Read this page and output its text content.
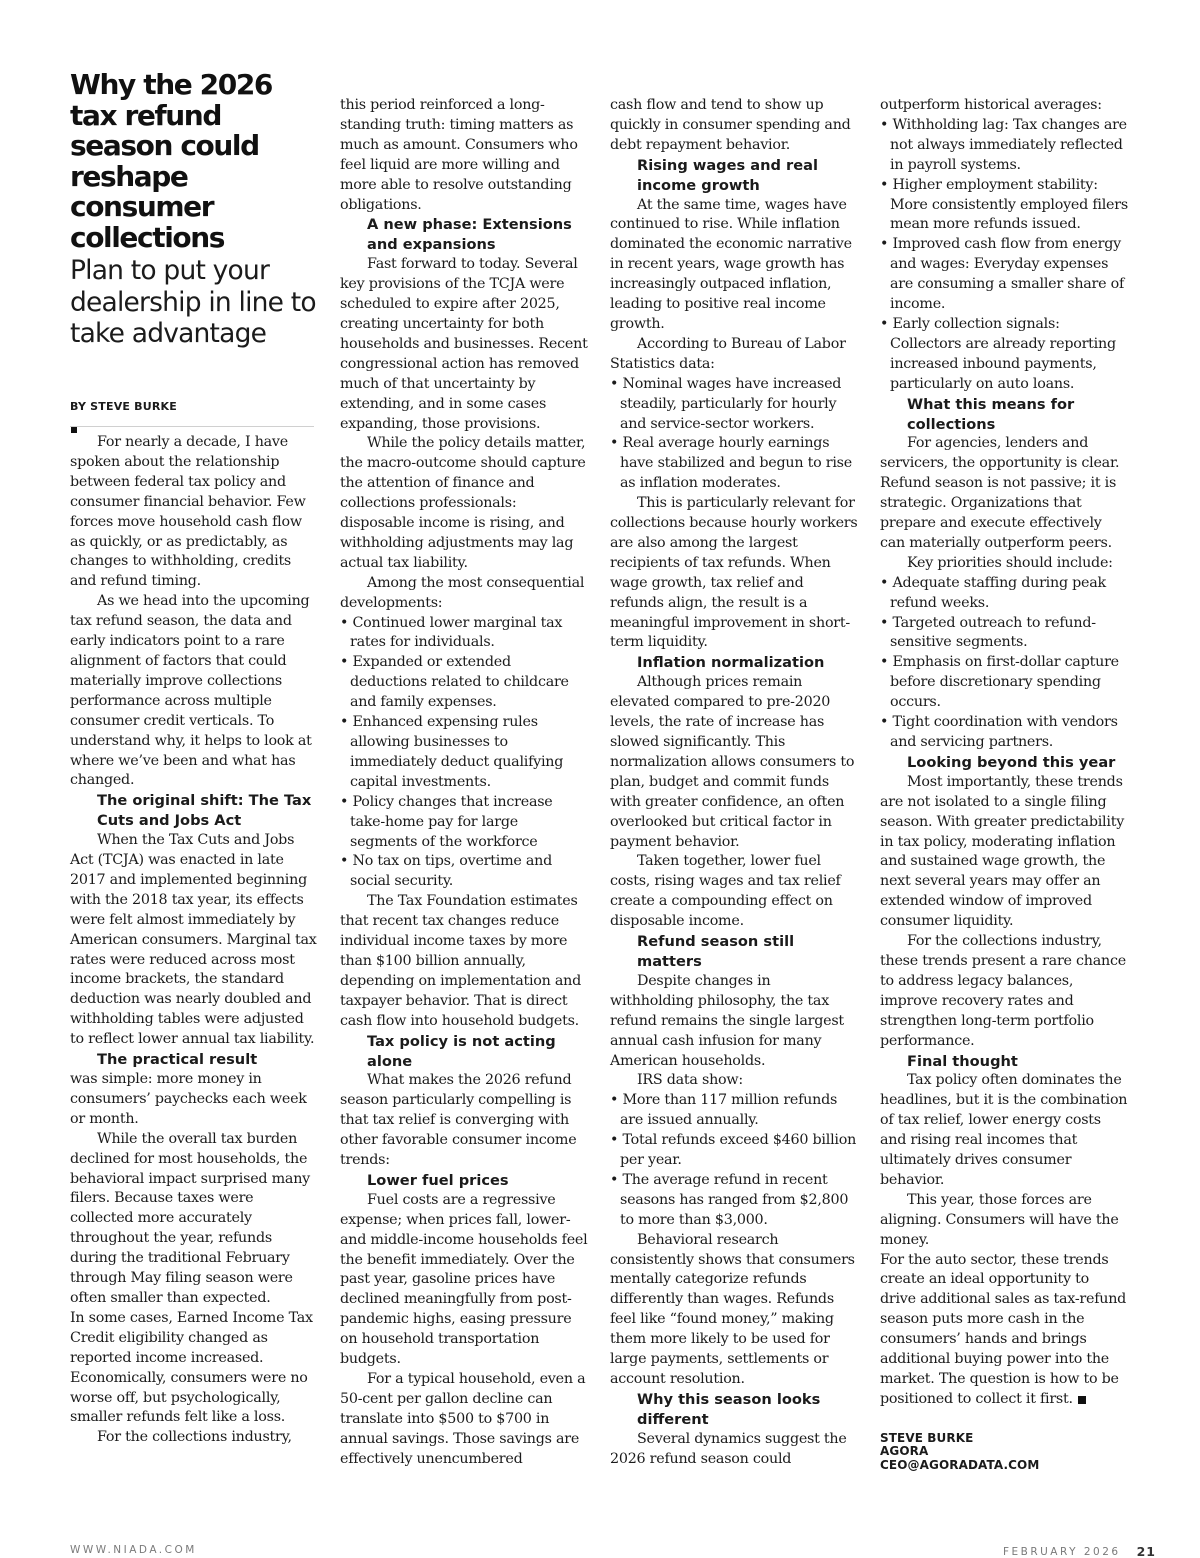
Why the 2026 tax refund season could reshape consumer collections
Plan to put your dealership in line to take advantage
BY STEVE BURKE

For nearly a decade, I have spoken about the relationship between federal tax policy and consumer financial behavior. Few forces move household cash flow as quickly, or as predictably, as changes to withholding, credits and refund timing.

As we head into the upcoming tax refund season, the data and early indicators point to a rare alignment of factors that could materially improve collections performance across multiple consumer credit verticals. To understand why, it helps to look at where we’ve been and what has changed.

The original shift: The Tax Cuts and Jobs Act

When the Tax Cuts and Jobs Act (TCJA) was enacted in late 2017 and implemented beginning with the 2018 tax year, its effects were felt almost immediately by American consumers. Marginal tax rates were reduced across most income brackets, the standard deduction was nearly doubled and withholding tables were adjusted to reflect lower annual tax liability.

The practical result

was simple: more money in consumers’ paychecks each week or month.

While the overall tax burden declined for most households, the behavioral impact surprised many filers. Because taxes were collected more accurately throughout the year, refunds during the traditional February through May filing season were often smaller than expected.

In some cases, Earned Income Tax Credit eligibility changed as reported income increased. Economically, consumers were no worse off, but psychologically, smaller refunds felt like a loss.

For the collections industry,

this period reinforced a long-standing truth: timing matters as much as amount. Consumers who feel liquid are more willing and more able to resolve outstanding obligations.

A new phase: Extensions and expansions

Fast forward to today. Several key provisions of the TCJA were scheduled to expire after 2025, creating uncertainty for both households and businesses. Recent congressional action has removed much of that uncertainty by extending, and in some cases expanding, those provisions.

While the policy details matter, the macro-outcome should capture the attention of finance and collections professionals: disposable income is rising, and withholding adjustments may lag actual tax liability.

Among the most consequential developments:

• Continued lower marginal tax rates for individuals.
• Expanded or extended deductions related to childcare and family expenses.
• Enhanced expensing rules allowing businesses to immediately deduct qualifying capital investments.
• Policy changes that increase take-home pay for large segments of the workforce
• No tax on tips, overtime and social security.

The Tax Foundation estimates that recent tax changes reduce individual income taxes by more than $100 billion annually, depending on implementation and taxpayer behavior. That is direct cash flow into household budgets.

Tax policy is not acting alone

What makes the 2026 refund season particularly compelling is that tax relief is converging with other favorable consumer income trends:

Lower fuel prices

Fuel costs are a regressive expense; when prices fall, lower- and middle-income households feel the benefit immediately. Over the past year, gasoline prices have declined meaningfully from post-pandemic highs, easing pressure on household transportation budgets.

For a typical household, even a 50-cent per gallon decline can translate into $500 to $700 in annual savings. Those savings are effectively unencumbered

cash flow and tend to show up quickly in consumer spending and debt repayment behavior.

Rising wages and real income growth

At the same time, wages have continued to rise. While inflation dominated the economic narrative in recent years, wage growth has increasingly outpaced inflation, leading to positive real income growth.

According to Bureau of Labor Statistics data:

• Nominal wages have increased steadily, particularly for hourly and service-sector workers.
• Real average hourly earnings have stabilized and begun to rise as inflation moderates.

This is particularly relevant for collections because hourly workers are also among the largest recipients of tax refunds. When wage growth, tax relief and refunds align, the result is a meaningful improvement in short-term liquidity.

Inflation normalization

Although prices remain elevated compared to pre-2020 levels, the rate of increase has slowed significantly. This normalization allows consumers to plan, budget and commit funds with greater confidence, an often overlooked but critical factor in payment behavior.

Taken together, lower fuel costs, rising wages and tax relief create a compounding effect on disposable income.

Refund season still matters

Despite changes in withholding philosophy, the tax refund remains the single largest annual cash infusion for many American households.

IRS data show:

• More than 117 million refunds are issued annually.
• Total refunds exceed $460 billion per year.
• The average refund in recent seasons has ranged from $2,800 to more than $3,000.

Behavioral research consistently shows that consumers mentally categorize refunds differently than wages. Refunds feel like “found money,” making them more likely to be used for large payments, settlements or account resolution.

Why this season looks different

Several dynamics suggest the 2026 refund season could

outperform historical averages:

• Withholding lag: Tax changes are not always immediately reflected in payroll systems.
• Higher employment stability: More consistently employed filers mean more refunds issued.
• Improved cash flow from energy and wages: Everyday expenses are consuming a smaller share of income.
• Early collection signals: Collectors are already reporting increased inbound payments, particularly on auto loans.
What this means for collections

For agencies, lenders and servicers, the opportunity is clear. Refund season is not passive; it is strategic. Organizations that prepare and execute effectively can materially outperform peers.

Key priorities should include:

• Adequate staffing during peak refund weeks.
• Targeted outreach to refund-sensitive segments.
• Emphasis on first-dollar capture before discretionary spending occurs.
• Tight coordination with vendors and servicing partners.
Looking beyond this year

Most importantly, these trends are not isolated to a single filing season. With greater predictability in tax policy, moderating inflation and sustained wage growth, the next several years may offer an extended window of improved consumer liquidity.

For the collections industry, these trends present a rare chance to address legacy balances, improve recovery rates and strengthen long-term portfolio performance.

Final thought

Tax policy often dominates the headlines, but it is the combination of tax relief, lower energy costs and rising real incomes that ultimately drives consumer behavior.

This year, those forces are aligning. Consumers will have the money.

For the auto sector, these trends create an ideal opportunity to drive additional sales as tax-refund season puts more cash in the consumers’ hands and brings additional buying power into the market. The question is how to be positioned to collect it first.

STEVE BURKE
AGORA
CEO@AGORADATA.COM
WWW.NIADA.COM	FEBRUARY 2026 21
